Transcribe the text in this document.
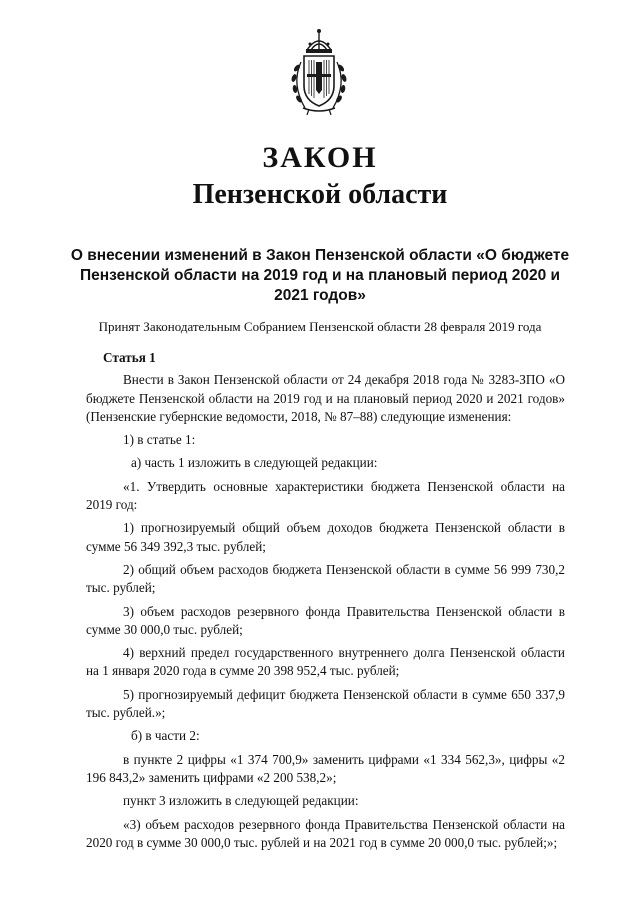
ЗАКОН
Пензенской области
О внесении изменений в Закон Пензенской области «О бюджете Пензенской области на 2019 год и на плановый период 2020 и 2021 годов»
Принят Законодательным Собранием Пензенской области 28 февраля 2019 года

Статья 1

Внести в Закон Пензенской области от 24 декабря 2018 года № 3283-ЗПО «О бюджете Пензенской области на 2019 год и на плановый период 2020 и 2021 годов» (Пензенские губернские ведомости, 2018, № 87–88) следующие изменения:

1) в статье 1:

а) часть 1 изложить в следующей редакции:

«1. Утвердить основные характеристики бюджета Пензенской области на 2019 год:

1) прогнозируемый общий объем доходов бюджета Пензенской области в сумме 56 349 392,3 тыс. рублей;

2) общий объем расходов бюджета Пензенской области в сумме 56 999 730,2 тыс. рублей;

3) объем расходов резервного фонда Правительства Пензенской области в сумме 30 000,0 тыс. рублей;

4) верхний предел государственного внутреннего долга Пензенской области на 1 января 2020 года в сумме 20 398 952,4 тыс. рублей;

5) прогнозируемый дефицит бюджета Пензенской области в сумме 650 337,9 тыс. рублей.»;

б) в части 2:

в пункте 2 цифры «1 374 700,9» заменить цифрами «1 334 562,3», цифры «2 196 843,2» заменить цифрами «2 200 538,2»;

пункт 3 изложить в следующей редакции:

«3) объем расходов резервного фонда Правительства Пензенской области на 2020 год в сумме 30 000,0 тыс. рублей и на 2021 год в сумме 20 000,0 тыс. рублей;»;
